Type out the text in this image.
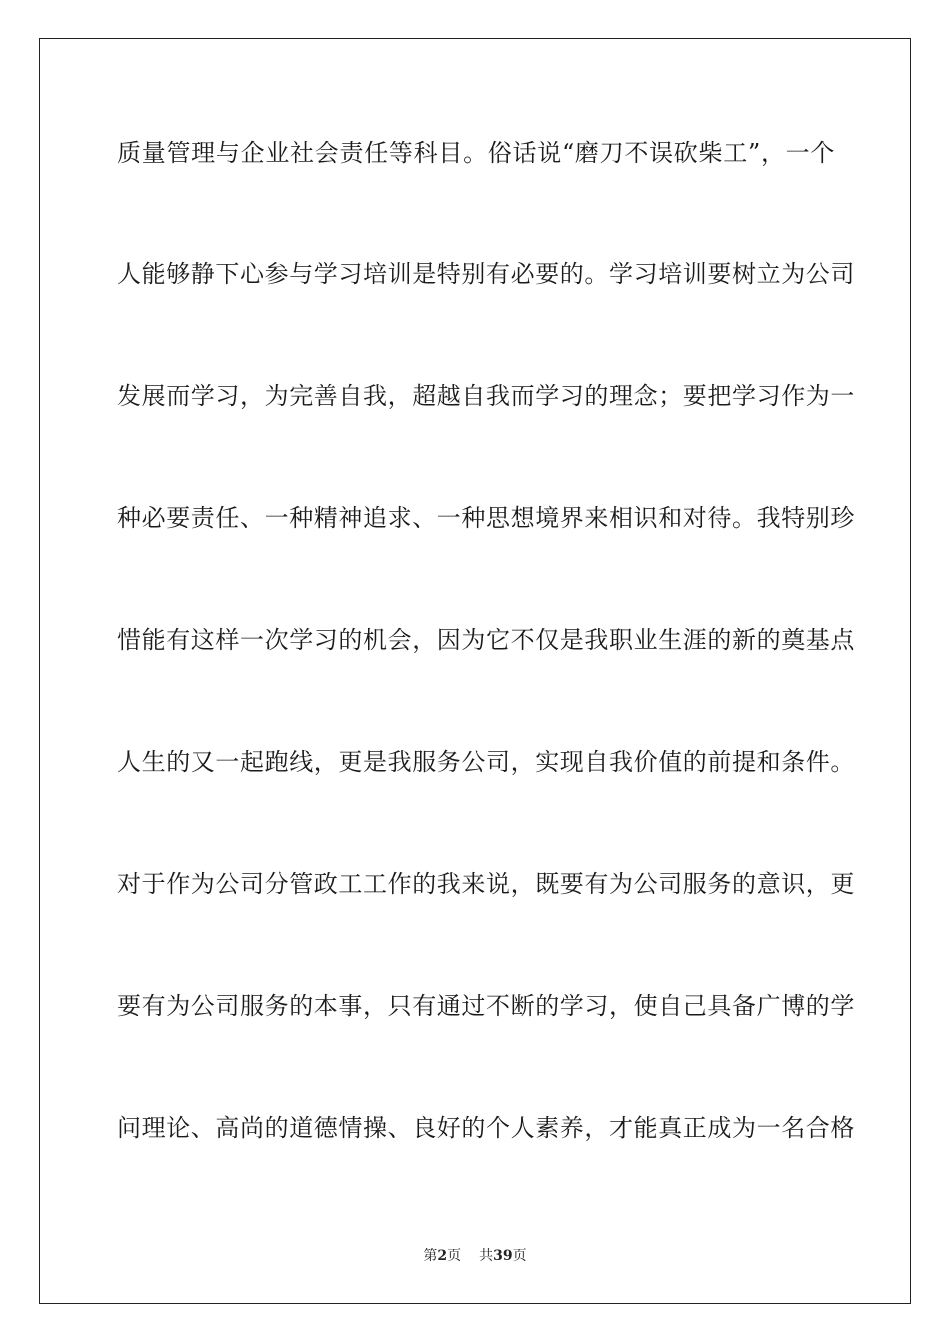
质量管理与企业社会责任等科目。俗话说“磨刀不误砍柴工”，一个
人能够静下心参与学习培训是特别有必要的。学习培训要树立为公司
发展而学习，为完善自我，超越自我而学习的理念；要把学习作为一
种必要责任、一种精神追求、一种思想境界来相识和对待。我特别珍
惜能有这样一次学习的机会，因为它不仅是我职业生涯的新的奠基点
人生的又一起跑线，更是我服务公司，实现自我价值的前提和条件。
对于作为公司分管政工工作的我来说，既要有为公司服务的意识，更
要有为公司服务的本事，只有通过不断的学习，使自己具备广博的学
问理论、高尚的道德情操、良好的个人素养，才能真正成为一名合格
第2页 共39页
